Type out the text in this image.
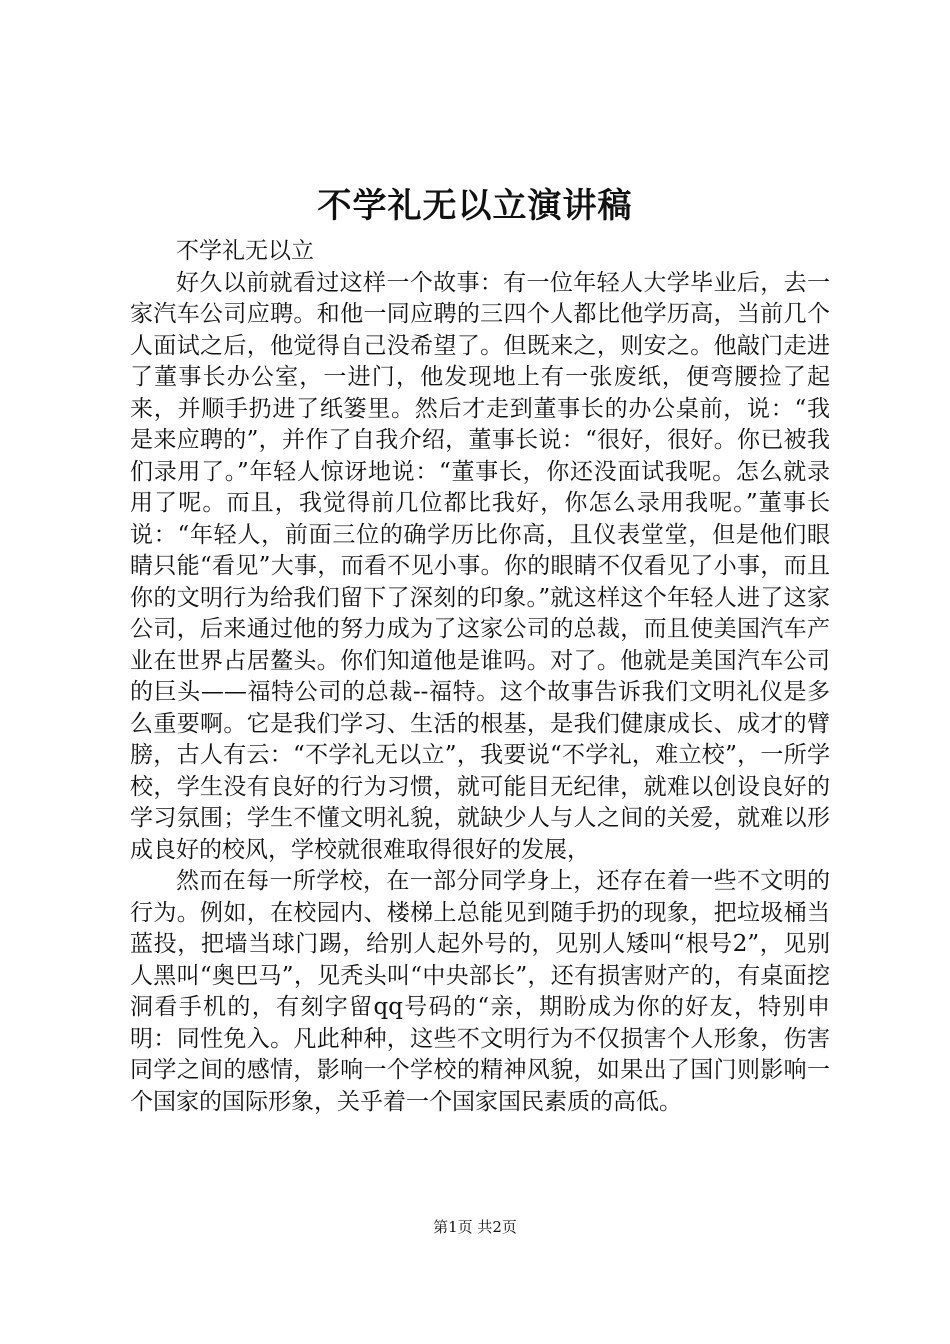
不学礼无以立演讲稿

不学礼无以立

好久以前就看过这样一个故事：有一位年轻人大学毕业后，去一家汽车公司应聘。和他一同应聘的三四个人都比他学历高，当前几个人面试之后，他觉得自己没希望了。但既来之，则安之。他敲门走进了董事长办公室，一进门，他发现地上有一张废纸，便弯腰捡了起来，并顺手扔进了纸篓里。然后才走到董事长的办公桌前，说：“我是来应聘的”，并作了自我介绍，董事长说：“很好，很好。你已被我们录用了。”年轻人惊讶地说：“董事长，你还没面试我呢。怎么就录用了呢。而且，我觉得前几位都比我好，你怎么录用我呢。”董事长说：“年轻人，前面三位的确学历比你高，且仪表堂堂，但是他们眼睛只能“看见”大事，而看不见小事。你的眼睛不仅看见了小事，而且你的文明行为给我们留下了深刻的印象。”就这样这个年轻人进了这家公司，后来通过他的努力成为了这家公司的总裁，而且使美国汽车产业在世界占居鳌头。你们知道他是谁吗。对了。他就是美国汽车公司的巨头——福特公司的总裁--福特。这个故事告诉我们文明礼仪是多么重要啊。它是我们学习、生活的根基，是我们健康成长、成才的臂膀，古人有云：“不学礼无以立”，我要说“不学礼，难立校”，一所学校，学生没有良好的行为习惯，就可能目无纪律，就难以创设良好的学习氛围；学生不懂文明礼貌，就缺少人与人之间的关爱，就难以形成良好的校风，学校就很难取得很好的发展，

然而在每一所学校，在一部分同学身上，还存在着一些不文明的行为。例如，在校园内、楼梯上总能见到随手扔的现象，把垃圾桶当蓝投，把墙当球门踢，给别人起外号的，见别人矮叫“根号2”，见别人黑叫“奥巴马”，见秃头叫“中央部长”，还有损害财产的，有桌面挖洞看手机的，有刻字留qq号码的“亲，期盼成为你的好友，特别申明：同性免入。凡此种种，这些不文明行为不仅损害个人形象，伤害同学之间的感情，影响一个学校的精神风貌，如果出了国门则影响一个国家的国际形象，关乎着一个国家国民素质的高低。

第1页 共2页
